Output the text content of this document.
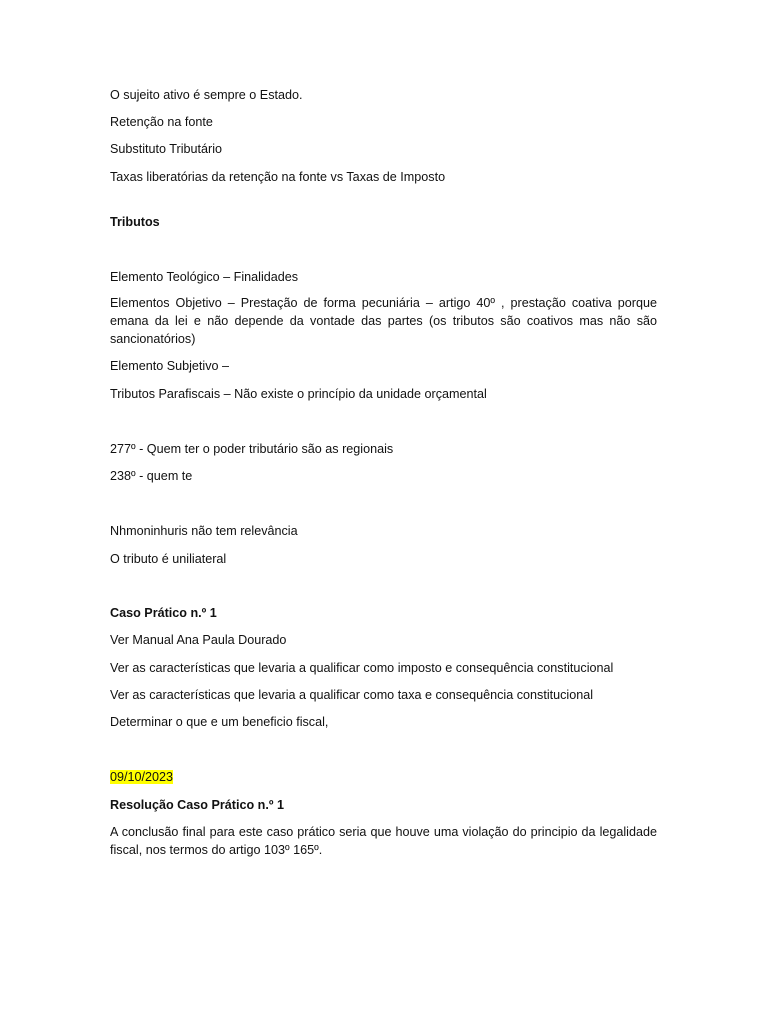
O sujeito ativo é sempre o Estado.

Retenção na fonte

Substituto Tributário

Taxas liberatórias da retenção na fonte vs Taxas de Imposto

Tributos

Elemento Teológico – Finalidades

Elementos Objetivo – Prestação de forma pecuniária – artigo 40º , prestação coativa porque emana da lei e não depende da vontade das partes (os tributos são coativos mas não são sancionatórios)

Elemento Subjetivo –

Tributos Parafiscais – Não existe o princípio da unidade orçamental

277º - Quem ter o poder tributário são as regionais

238º - quem te

Nhmoninhuris não tem relevância

O tributo é uniliateral

Caso Prático n.º 1

Ver Manual Ana Paula Dourado

Ver as características que levaria a qualificar como imposto e consequência constitucional

Ver as características que levaria a qualificar como taxa e consequência constitucional

Determinar o que e um beneficio fiscal,

09/10/2023

Resolução Caso Prático n.º 1

A conclusão final para este caso prático seria que houve uma violação do principio da legalidade fiscal, nos termos do artigo 103º 165º.
